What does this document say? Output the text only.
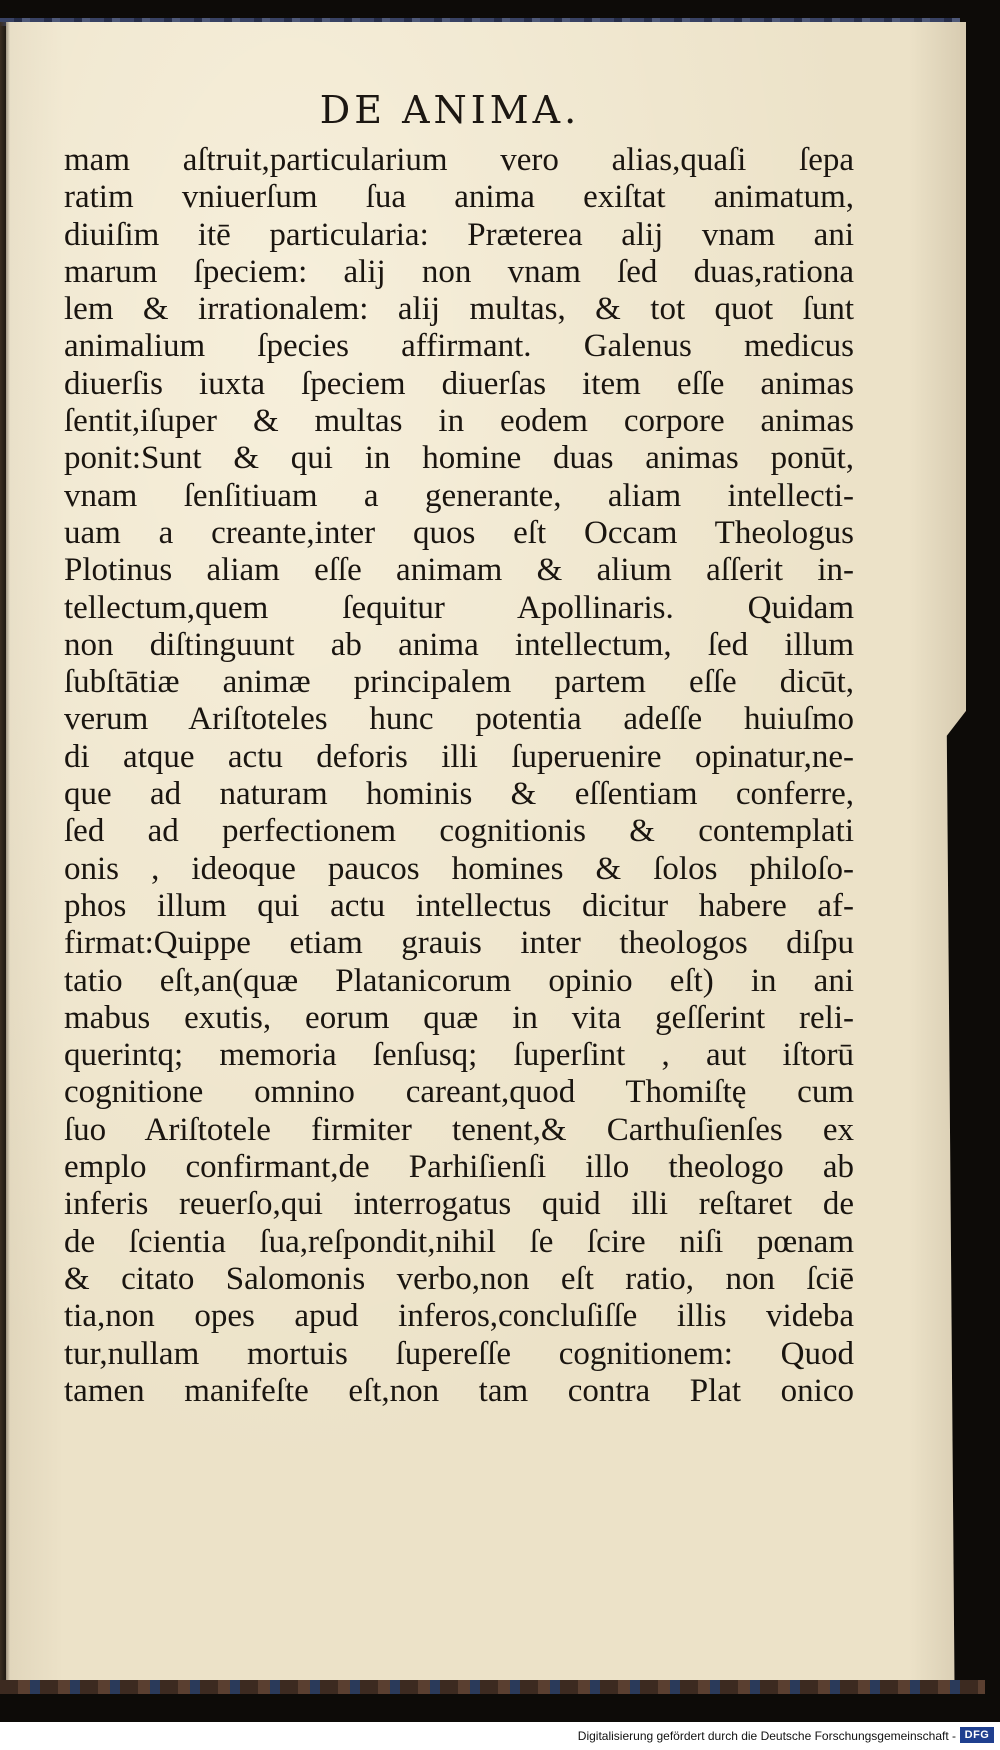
DE ANIMA.
mam aſtruit,particularium vero alias,quaſi ſepa
ratim vniuerſum ſua anima exiſtat animatum,
diuiſim itē particularia: Præterea alij vnam ani
marum ſpeciem: alij non vnam ſed duas,rationa
lem & irrationalem: alij multas, & tot quot ſunt
animalium ſpecies affirmant. Galenus medicus
diuerſis iuxta ſpeciem diuerſas item eſſe animas
ſentit,iſuper & multas in eodem corpore animas
ponit:Sunt & qui in homine duas animas ponūt,
vnam ſenſitiuam a generante, aliam intellecti-
uam a creante,inter quos eſt Occam Theologus
Plotinus aliam eſſe animam & alium aſſerit in-
tellectum,quem ſequitur Apollinaris. Quidam
non diſtinguunt ab anima intellectum, ſed illum
ſubſtātiæ animæ principalem partem eſſe dicūt,
verum Ariſtoteles hunc potentia adeſſe huiuſmo
di atque actu deforis illi ſuperuenire opinatur,ne-
que ad naturam hominis & eſſentiam conferre,
ſed ad perfectionem cognitionis & contemplati
onis , ideoque paucos homines & ſolos philoſo-
phos illum qui actu intellectus dicitur habere af-
firmat:Quippe etiam grauis inter theologos diſpu
tatio eſt,an(quæ Platanicorum opinio eſt) in ani
mabus exutis, eorum quæ in vita geſſerint reli-
querintq; memoria ſenſusq; ſuperſint , aut iſtorū
cognitione omnino careant,quod Thomiſtę cum
ſuo Ariſtotele firmiter tenent,& Carthuſienſes ex
emplo confirmant,de Parhiſienſi illo theologo ab
inferis reuerſo,qui interrogatus quid illi reſtaret de
de ſcientia ſua,reſpondit,nihil ſe ſcire niſi pœnam
& citato Salomonis verbo,non eſt ratio, non ſciē
tia,non opes apud inferos,concluſiſſe illis videba
tur,nullam mortuis ſupereſſe cognitionem: Quod
tamen manifeſte eſt,non tam contra Plat onico
Digitalisierung gefördert durch die Deutsche Forschungsgemeinschaft - DFG
